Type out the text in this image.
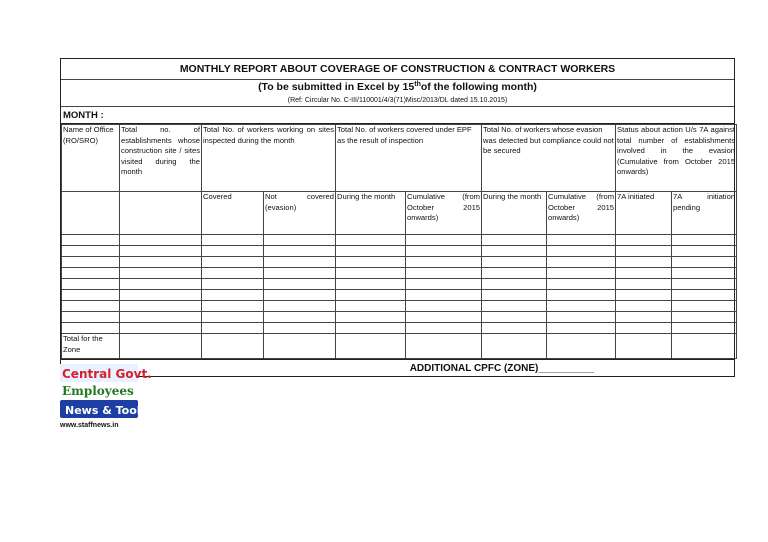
MONTHLY REPORT ABOUT COVERAGE OF CONSTRUCTION & CONTRACT WORKERS
(To be submitted in Excel by 15th of the following month)
(Ref: Circular No. C-III/110001/4/3(71)Misc/2013/DL dated 15.10.2015)
MONTH :
Name of Office (RO/SRO)	Total no. of establishments whose construction site / sites visited during the month	Total No. of workers working on sites inspected during the month		Total No. of workers covered under EPF as the result of inspection		Total No. of workers whose evasion was detected but compliance could not be secured		Status about action U/s 7A against total number of establishments involved in the evasion (Cumulative from October 2015 onwards)	
		Covered	Not covered (evasion)	During the month	Cumulative (from October 2015 onwards)	During the month	Cumulative (from October 2015 onwards)	7A initiated	7A initiation pending

Total for the Zone									
ADDITIONAL CPFC (ZONE)__________
Central Govt.
Employees
News & Tools
www.staffnews.in
